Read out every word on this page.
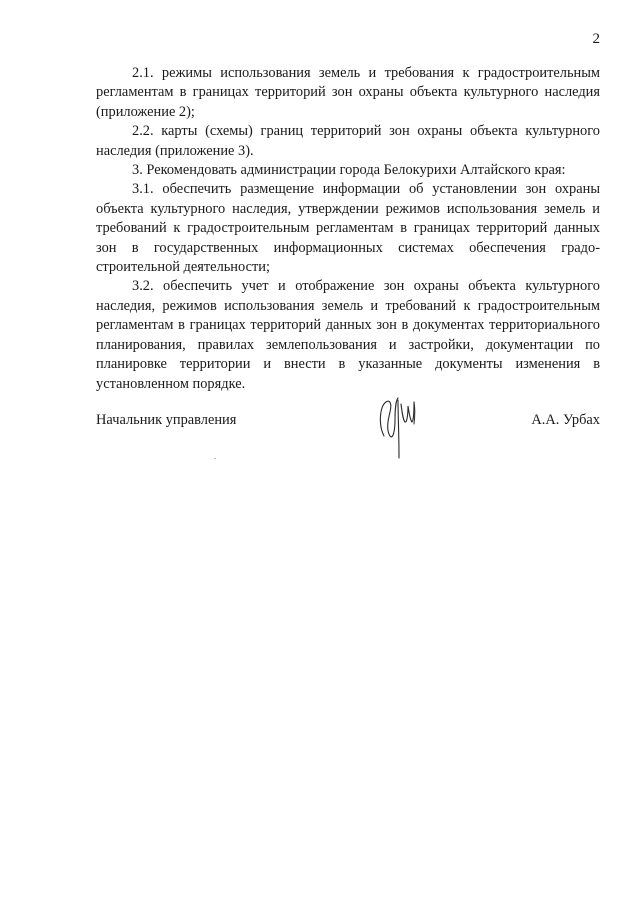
2

2.1. режимы использования земель и требования к градостроительным регламентам в границах территорий зон охраны объекта культурного наследия (приложение 2);

2.2. карты (схемы) границ территорий зон охраны объекта культурного наследия (приложение 3).

3. Рекомендовать администрации города Белокурихи Алтайского края:

3.1. обеспечить размещение информации об установлении зон охраны объекта культурного наследия, утверждении режимов использования земель и требований к градостроительным регламентам в границах территорий данных зон в государственных информационных системах обеспечения градостроительной деятельности;

3.2. обеспечить учет и отображение зон охраны объекта культурного наследия, режимов использования земель и требований к градостроительным регламентам в границах территорий данных зон в документах территориального планирования, правилах землепользования и застройки, документации по планировке территории и внести в указанные документы изменения в установленном порядке.

Начальник управления	А.А. Урбах
